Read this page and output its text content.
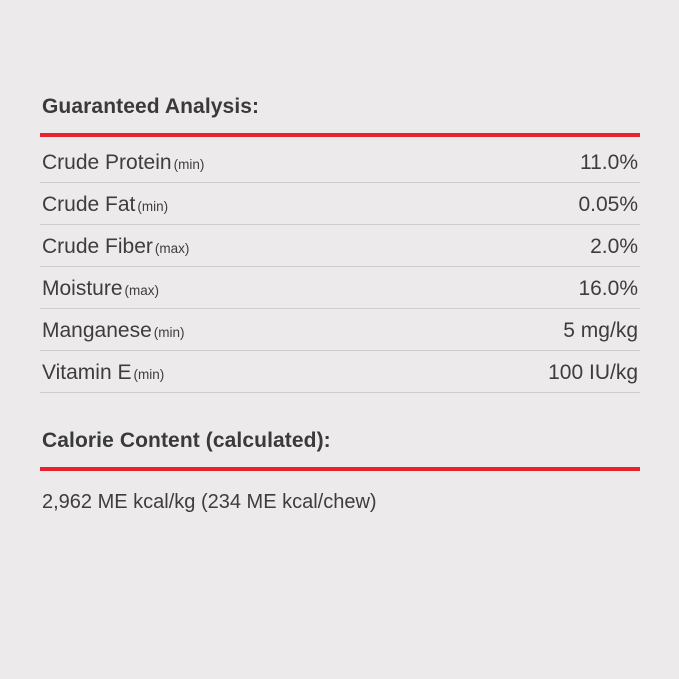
Guaranteed Analysis:
Crude Protein (min)	11.0%
Crude Fat (min)	0.05%
Crude Fiber (max)	2.0%
Moisture (max)	16.0%
Manganese (min)	5 mg/kg
Vitamin E (min)	100 IU/kg
Calorie Content (calculated):
2,962 ME kcal/kg (234 ME kcal/chew)
